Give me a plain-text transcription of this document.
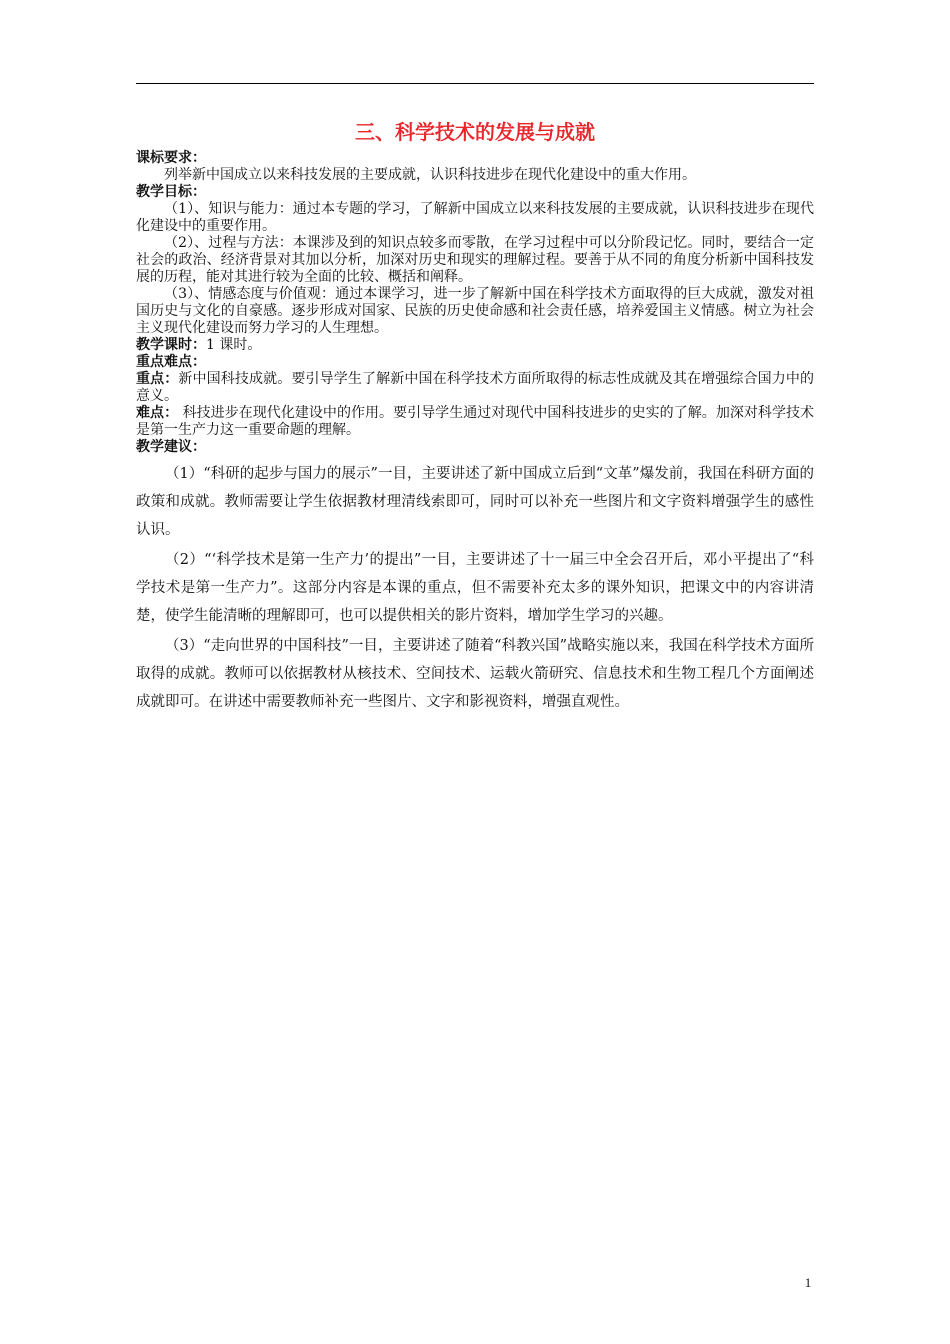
三、科学技术的发展与成就

课标要求：

列举新中国成立以来科技发展的主要成就，认识科技进步在现代化建设中的重大作用。

教学目标：

（1）、知识与能力：通过本专题的学习，了解新中国成立以来科技发展的主要成就，认识科技进步在现代化建设中的重要作用。

（2）、过程与方法：本课涉及到的知识点较多而零散，在学习过程中可以分阶段记忆。同时，要结合一定社会的政治、经济背景对其加以分析，加深对历史和现实的理解过程。要善于从不同的角度分析新中国科技发展的历程，能对其进行较为全面的比较、概括和阐释。

（3）、情感态度与价值观：通过本课学习，进一步了解新中国在科学技术方面取得的巨大成就，激发对祖国历史与文化的自豪感。逐步形成对国家、民族的历史使命感和社会责任感，培养爱国主义情感。树立为社会主义现代化建设而努力学习的人生理想。

教学课时：1 课时。

重点难点：

重点：新中国科技成就。要引导学生了解新中国在科学技术方面所取得的标志性成就及其在增强综合国力中的意义。

难点： 科技进步在现代化建设中的作用。要引导学生通过对现代中国科技进步的史实的了解。加深对科学技术是第一生产力这一重要命题的理解。

教学建议：

（1）“科研的起步与国力的展示”一目，主要讲述了新中国成立后到“文革”爆发前，我国在科研方面的政策和成就。教师需要让学生依据教材理清线索即可，同时可以补充一些图片和文字资料增强学生的感性认识。

（2）“‘科学技术是第一生产力’的提出”一目，主要讲述了十一届三中全会召开后，邓小平提出了“科学技术是第一生产力”。这部分内容是本课的重点，但不需要补充太多的课外知识，把课文中的内容讲清楚，使学生能清晰的理解即可，也可以提供相关的影片资料，增加学生学习的兴趣。

（3）“走向世界的中国科技”一目，主要讲述了随着“科教兴国”战略实施以来，我国在科学技术方面所取得的成就。教师可以依据教材从核技术、空间技术、运载火箭研究、信息技术和生物工程几个方面阐述成就即可。在讲述中需要教师补充一些图片、文字和影视资料，增强直观性。

1
